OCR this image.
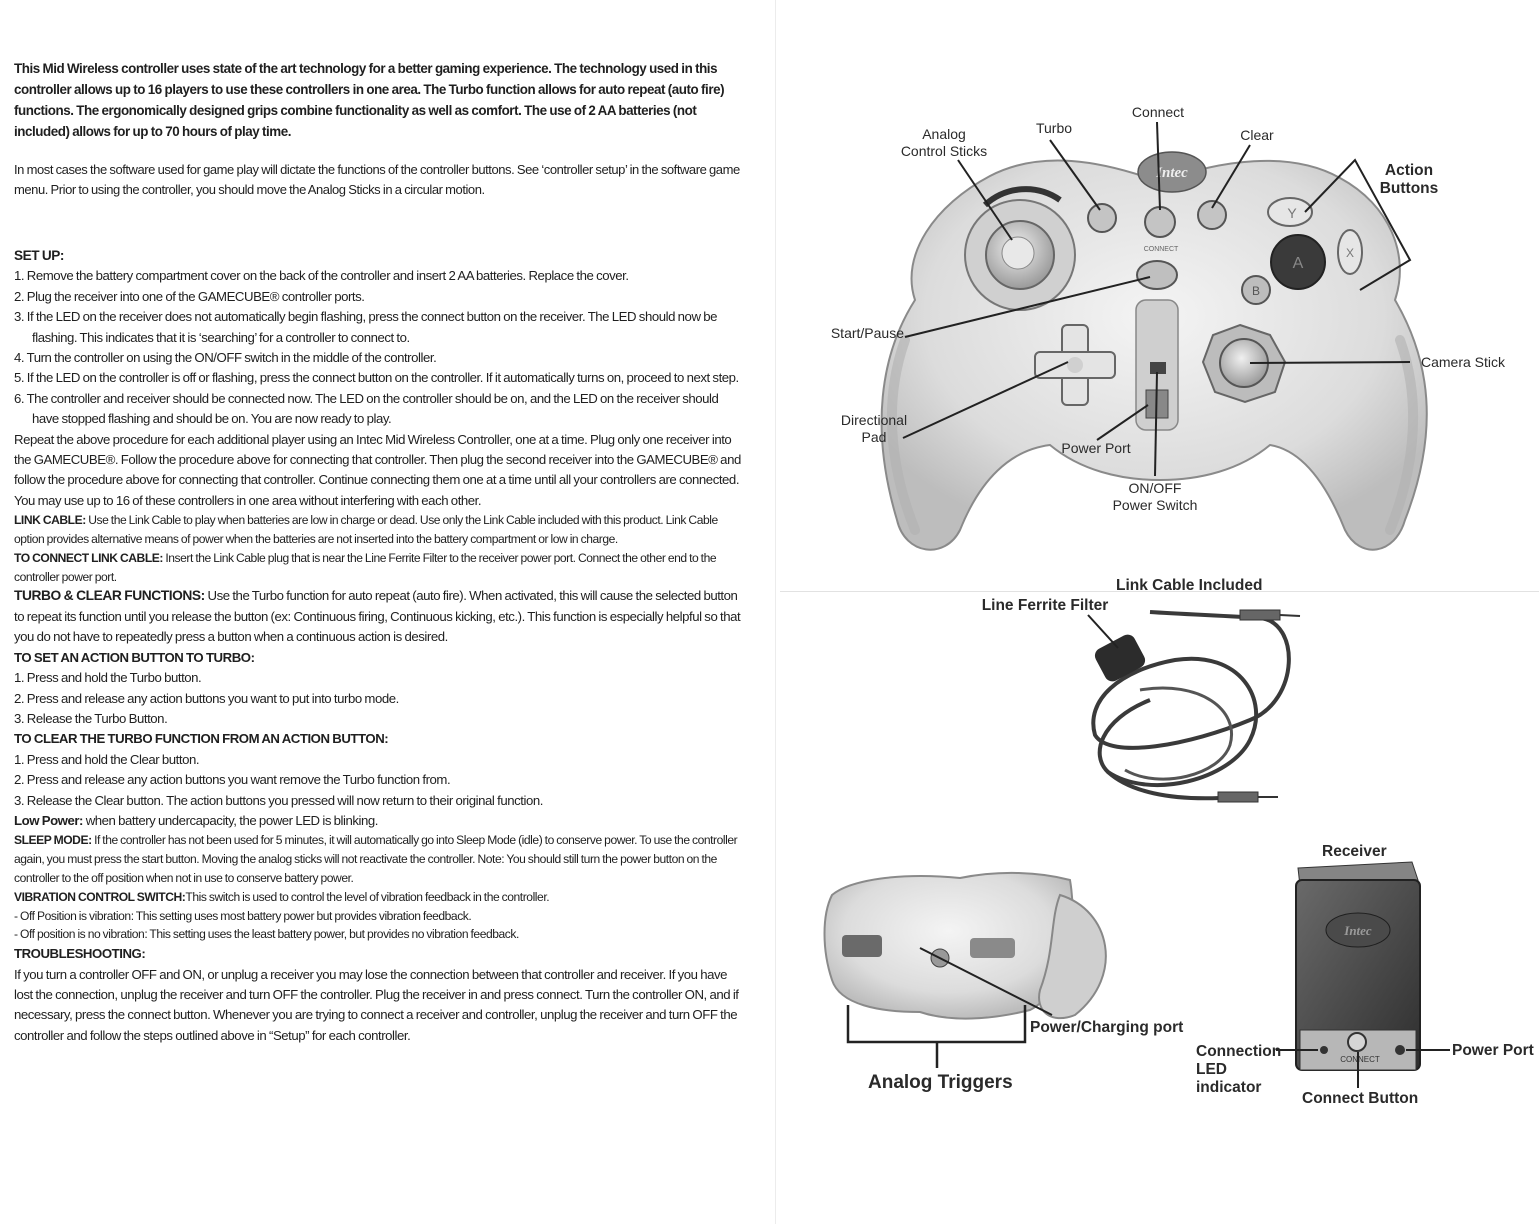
This Mid Wireless controller uses state of the art technology for a better gaming experience. The technology used in this controller allows up to 16 players to use these controllers in one area. The Turbo function allows for auto repeat (auto fire) functions. The ergonomically designed grips combine functionality as well as comfort. The use of 2 AA batteries (not included) allows for up to 70 hours of play time.

In most cases the software used for game play will dictate the functions of the controller buttons. See ‘controller setup’ in the software game menu. Prior to using the controller, you should move the Analog Sticks in a circular motion.

SET UP:

1. Remove the battery compartment cover on the back of the controller and insert 2 AA batteries. Replace the cover.

2. Plug the receiver into one of the GAMECUBE® controller ports.

3. If the LED on the receiver does not automatically begin flashing, press the connect button on the receiver. The LED should now be flashing. This indicates that it is ‘searching’ for a controller to connect to.

4. Turn the controller on using the ON/OFF switch in the middle of the controller.

5. If the LED on the controller is off or flashing, press the connect button on the controller. If it automatically turns on, proceed to next step.

6. The controller and receiver should be connected now. The LED on the controller should be on, and the LED on the receiver should have stopped flashing and should be on. You are now ready to play.

Repeat the above procedure for each additional player using an Intec Mid Wireless Controller, one at a time. Plug only one receiver into the GAMECUBE®. Follow the procedure above for connecting that controller. Then plug the second receiver into the GAMECUBE® and follow the procedure above for connecting that controller. Continue connecting them one at a time until all your controllers are connected. You may use up to 16 of these controllers in one area without interfering with each other.

LINK CABLE: Use the Link Cable to play when batteries are low in charge or dead. Use only the Link Cable included with this product. Link Cable option provides alternative means of power when the batteries are not inserted into the battery compartment or low in charge.

TO CONNECT LINK CABLE: Insert the Link Cable plug that is near the Line Ferrite Filter to the receiver power port. Connect the other end to the controller power port.

TURBO & CLEAR FUNCTIONS: Use the Turbo function for auto repeat (auto fire). When activated, this will cause the selected button to repeat its function until you release the button (ex: Continuous firing, Continuous kicking, etc.). This function is especially helpful so that you do not have to repeatedly press a button when a continuous action is desired.

TO SET AN ACTION BUTTON TO TURBO:

1. Press and hold the Turbo button.

2. Press and release any action buttons you want to put into turbo mode.

3. Release the Turbo Button.

TO CLEAR THE TURBO FUNCTION FROM AN ACTION BUTTON:

1. Press and hold the Clear button.

2. Press and release any action buttons you want remove the Turbo function from.

3. Release the Clear button. The action buttons you pressed will now return to their original function.

Low Power: when battery undercapacity, the power LED is blinking.

SLEEP MODE: If the controller has not been used for 5 minutes, it will automatically go into Sleep Mode (idle) to conserve power. To use the controller again, you must press the start button. Moving the analog sticks will not reactivate the controller. Note: You should still turn the power button on the controller to the off position when not in use to conserve battery power.

VIBRATION CONTROL SWITCH:This switch is used to control the level of vibration feedback in the controller.

- Off Position is vibration: This setting uses most battery power but provides vibration feedback.

- Off position is no vibration: This setting uses the least battery power, but provides no vibration feedback.

TROUBLESHOOTING:

If you turn a controller OFF and ON, or unplug a receiver you may lose the connection between that controller and receiver. If you have lost the connection, unplug the receiver and turn OFF the controller. Plug the receiver in and press connect. Turn the controller ON, and if necessary, press the connect button. Whenever you are trying to connect a receiver and controller, unplug the receiver and turn OFF the controller and follow the steps outlined above in “Setup” for each controller.

Intec
CONNECT
Y
A
X
B
Intec
CONNECT
Analog
Control Sticks
Turbo
Connect
Clear
Action
Buttons
Start/Pause
Camera Stick
Directional
Pad
Power Port
ON/OFF
Power Switch
Link Cable Included
Line Ferrite Filter
Receiver
Power/Charging port
Analog Triggers
Connection
LED indicator
Power Port
Connect Button
